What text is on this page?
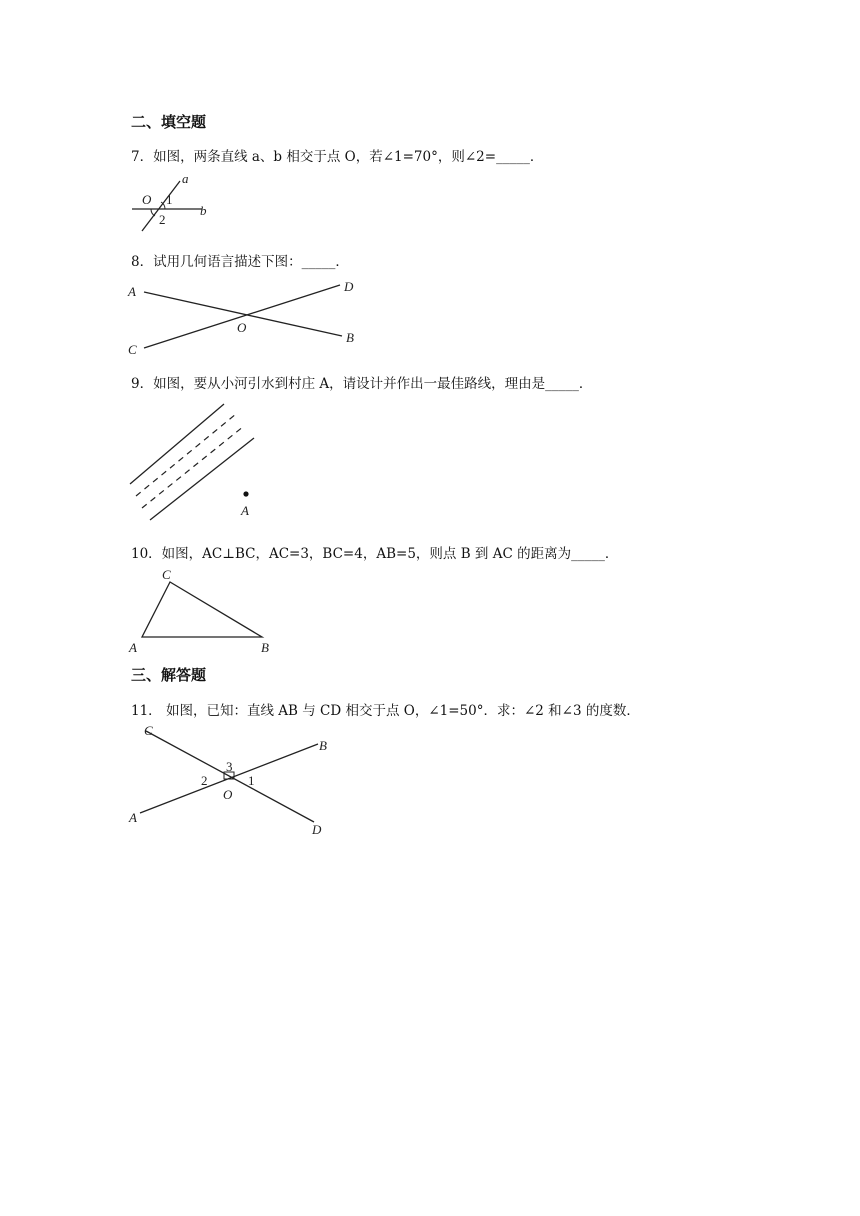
二、填空题
7．如图，两条直线 a、b 相交于点 O，若∠1=70°，则∠2=_____．
a
b
O 1
2
8．试用几何语言描述下图：_____．
A
B
C
D
O
9．如图，要从小河引水到村庄 A，请设计并作出一最佳路线，理由是_____．
A
10．如图，AC⊥BC，AC=3，BC=4，AB=5，则点 B 到 AC 的距离为_____．
A	B
C
三、解答题
11． 如图，已知：直线 AB 与 CD 相交于点 O，∠1=50°．求：∠2 和∠3 的度数．
A
B
C
D
O
1
2
3
